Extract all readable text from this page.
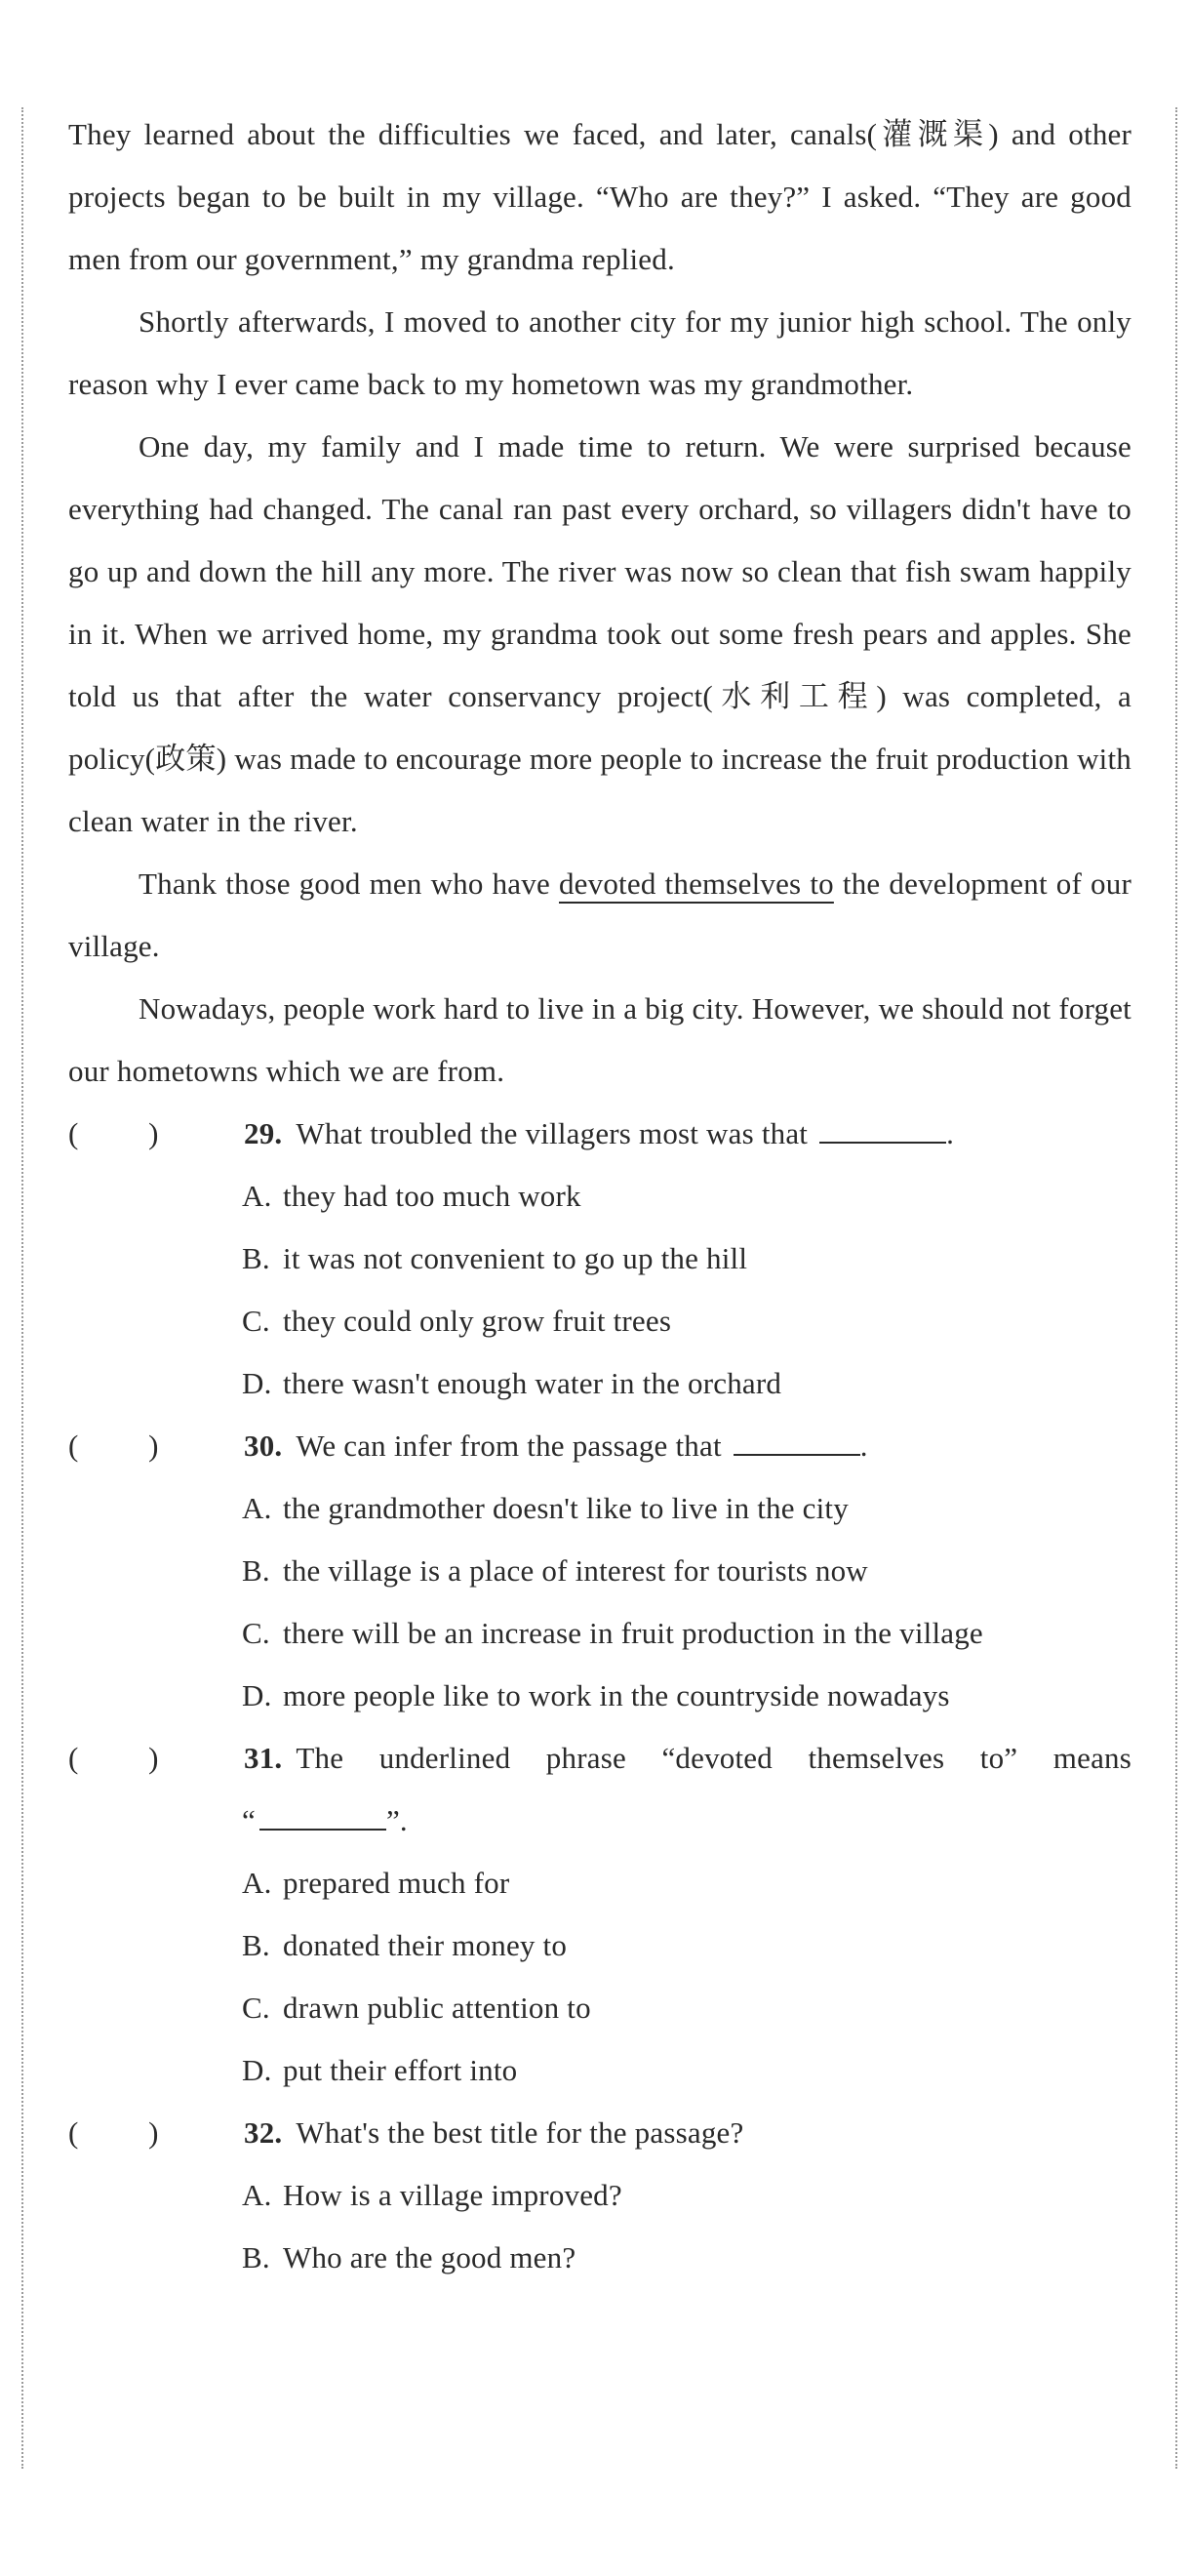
They learned about the difficulties we faced, and later, canals(灌溉渠) and other projects began to be built in my village. “Who are they?” I asked. “They are good men from our government,” my grandma replied.

Shortly afterwards, I moved to another city for my junior high school. The only reason why I ever came back to my hometown was my grandmother.

One day, my family and I made time to return. We were surprised because everything had changed. The canal ran past every orchard, so villagers didn't have to go up and down the hill any more. The river was now so clean that fish swam happily in it. When we arrived home, my grandma took out some fresh pears and apples. She told us that after the water conservancy project(水利工程) was completed, a policy(政策) was made to encourage more people to increase the fruit production with clean water in the river.

Thank those good men who have devoted themselves to the development of our village.

Nowadays, people work hard to live in a big city. However, we should not forget our hometowns which we are from.

(         )	29. What troubled the villagers most was that	.

A. they had too much work

B. it was not convenient to go up the hill

C. they could only grow fruit trees

D. there wasn't enough water in the orchard

(         )	30. We can infer from the passage that	.

A. the grandmother doesn't like to live in the city

B. the village is a place of interest for tourists now

C. there will be an increase in fruit production in the village

D. more people like to work in the countryside nowadays

(         )	31. The underlined phrase “devoted themselves to” means
“	”.

A. prepared much for

B. donated their money to

C. drawn public attention to

D. put their effort into

(         )	32. What's the best title for the passage?

A. How is a village improved?

B. Who are the good men?
